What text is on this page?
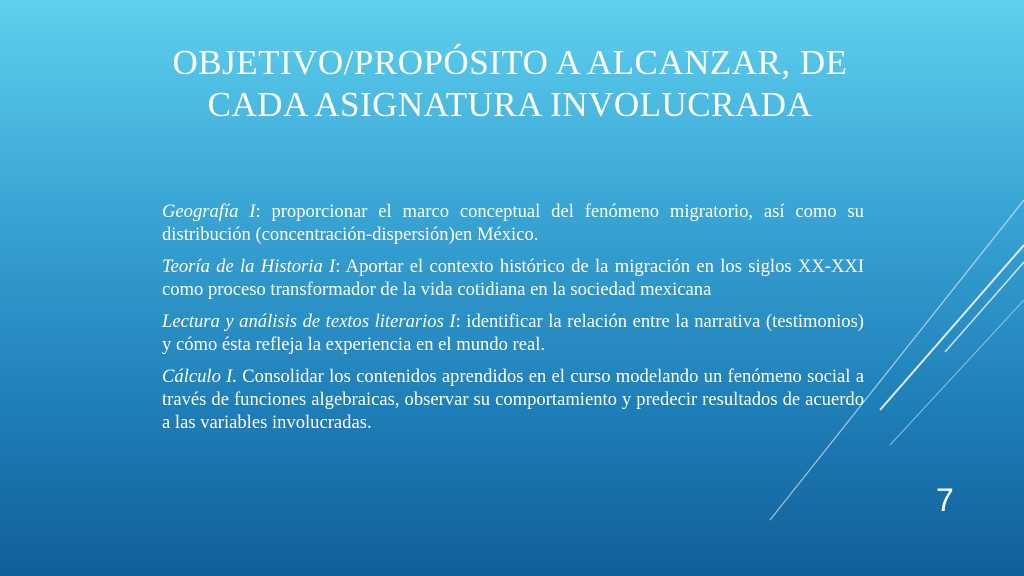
OBJETIVO/PROPÓSITO A ALCANZAR, DE CADA ASIGNATURA INVOLUCRADA

Geografía I: proporcionar el marco conceptual del fenómeno migratorio, así como su distribución (concentración-dispersión)en México.

Teoría de la Historia I: Aportar el contexto histórico de la migración en los siglos XX-XXI como proceso transformador de la vida cotidiana en la sociedad mexicana

Lectura y análisis de textos literarios I: identificar la relación entre la narrativa (testimonios) y cómo ésta refleja la experiencia en el mundo real.

Cálculo I. Consolidar los contenidos aprendidos en el curso modelando un fenómeno social a través de funciones algebraicas, observar su comportamiento y predecir resultados de acuerdo a las variables involucradas.

7
